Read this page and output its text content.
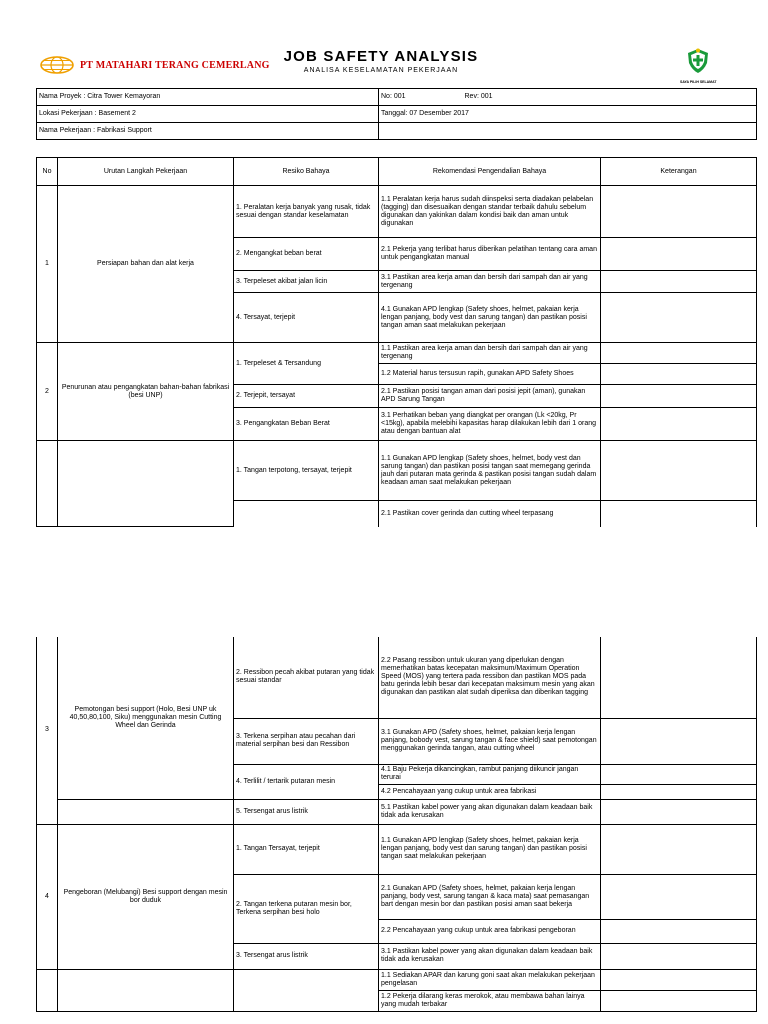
PT MATAHARI TERANG CEMERLANG JOB SAFETY ANALYSIS
ANALISA KESELAMATAN PEKERJAAN
SAYA PILIH SELAMAT
Nama Proyek : Citra Tower Kemayoran	No: 001	Rev: 001
Lokasi Pekerjaan : Basement 2	Tanggal: 07 Desember 2017	
Nama Pekerjaan : Fabrikasi Support		
No	Urutan Langkah Pekerjaan	Resiko Bahaya	Rekomendasi Pengendalian Bahaya	Keterangan
1	Persiapan bahan dan alat kerja	1. Peralatan kerja banyak yang rusak, tidak sesuai dengan standar keselamatan	1.1 Peralatan kerja harus sudah diinspeksi serta diadakan pelabelan (tagging) dan disesuaikan dengan standar terbaik dahulu sebelum digunakan dan yakinkan dalam kondisi baik dan aman untuk digunakan	
		2. Mengangkat beban berat	2.1 Pekerja yang terlibat harus diberikan pelatihan tentang cara aman untuk pengangkatan manual	
		3. Terpeleset akibat jalan licin	3.1 Pastikan area kerja aman dan bersih dari sampah dan air yang tergenang	
		4. Tersayat, terjepit	4.1 Gunakan APD lengkap (Safety shoes, helmet, pakaian kerja lengan panjang, body vest dan sarung tangan) dan pastikan posisi tangan aman saat melakukan pekerjaan	
2	Penurunan atau pengangkatan bahan-bahan fabrikasi (besi UNP)	1. Terpeleset & Tersandung	1.1 Pastikan area kerja aman dan bersih dari sampah dan air yang tergenang	
			1.2 Material harus tersusun rapih, gunakan APD Safety Shoes	
		2. Terjepit, tersayat	2.1 Pastikan posisi tangan aman dari posisi jepit (aman), gunakan APD Sarung Tangan	
		3. Pengangkatan Beban Berat	3.1 Perhatikan beban yang diangkat per orangan (Lk <20kg, Pr <15kg), apabila melebihi kapasitas harap dilakukan lebih dari 1 orang atau dengan bantuan alat	
		1. Tangan terpotong, tersayat, terjepit	1.1 Gunakan APD lengkap (Safety shoes, helmet, body vest dan sarung tangan) dan pastikan posisi tangan saat memegang gerinda jauh dari putaran mata gerinda & pastikan posisi tangan sudah dalam keadaan aman saat melakukan pekerjaan	
			2.1 Pastikan cover gerinda dan cutting wheel terpasang	
3	Pemotongan besi support (Holo, Besi UNP uk 40,50,80,100, Siku) menggunakan mesin Cutting Wheel dan Gerinda	2. Ressibon pecah akibat putaran yang tidak sesuai standar	2.2 Pasang ressibon untuk ukuran yang diperlukan dengan memerhatikan batas kecepatan maksimum/Maximum Operation Speed (MOS) yang tertera pada ressibon dan pastikan MOS pada batu gerinda lebih besar dari kecepatan maksimum mesin yang akan digunakan dan pastikan alat sudah diperiksa dan diberikan tagging	
		3. Terkena serpihan atau pecahan dari material serpihan besi dan Ressibon	3.1 Gunakan APD (Safety shoes, helmet, pakaian kerja lengan panjang, bobody vest, sarung tangan & face shield) saat pemotongan menggunakan gerinda tangan, atau cutting wheel	
		4. Terlilit / tertarik putaran mesin	4.1 Baju Pekerja dikancingkan, rambut panjang diikuncir jangan terurai	
			4.2 Pencahayaan yang cukup untuk area fabrikasi	
		5. Tersengat arus listrik	5.1 Pastikan kabel power yang akan digunakan dalam keadaan baik tidak ada kerusakan	
4	Pengeboran (Melubangi) Besi support dengan mesin bor duduk	1. Tangan Tersayat, terjepit	1.1 Gunakan APD lengkap (Safety shoes, helmet, pakaian kerja lengan panjang, body vest dan sarung tangan) dan pastikan posisi tangan saat melakukan pekerjaan	
		2. Tangan terkena putaran mesin bor, Terkena serpihan besi holo	2.1 Gunakan APD (Safety shoes, helmet, pakaian kerja lengan panjang, body vest, sarung tangan & kaca mata) saat pemasangan bart dengan mesin bor dan pastikan posisi aman saat bekerja	
			2.2 Pencahayaan yang cukup untuk area fabrikasi pengeboran	
		3. Tersengat arus listrik	3.1 Pastikan kabel power yang akan digunakan dalam keadaan baik tidak ada kerusakan	
			1.1 Sediakan APAR dan karung goni saat akan melakukan pekerjaan pengelasan	
			1.2 Pekerja dilarang keras merokok, atau membawa bahan lainya yang mudah terbakar	
